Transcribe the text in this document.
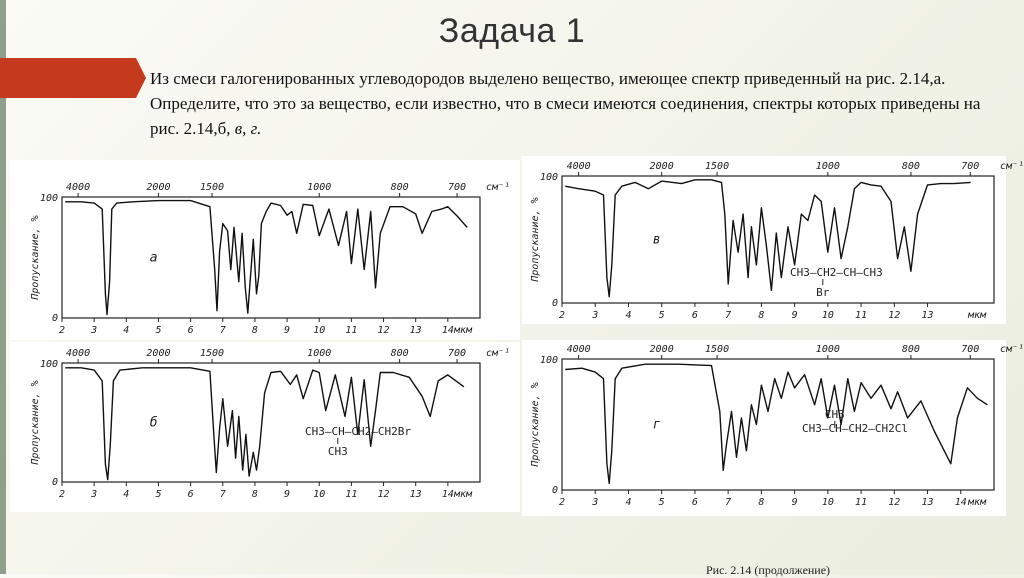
Задача 1
Из смеси галогенированных углеводородов выделено вещество, имеющее спектр приведенный на рис. 2.14,а. Определите, что это за вещество, если известно, что в смеси имеются соединения, спектры которых приведены на рис. 2.14,б, в, г.
4000	2000	1500	1000	800	700 см⁻¹
2	3	4	5	6	7	8	9 10 11 12 13 14 мкм
100
0
Пропускание, %	а
4000	2000	1500	1000	800	700 см⁻¹
2	3	4	5	6	7	8	9 10 11 12 13 14 мкм
100
0
Пропускание, %	б
CH3–CH–CH2–CH2Br
CH3
4000	2000	1500	1000	800	700 см⁻¹
2	3	4	5	6	7	8	9 10 11 12 13	мкм
100
0
Пропускание, %	в
CH3–CH2–CH–CH3
Br
4000	2000	1500	1000	800	700 см⁻¹
2	3	4	5	6	7	8	9 10 11 12 13 14 мкм
100
0
Пропускание, %	г	CH3–CH–CH2–CH2Cl
CH3
Рис. 2.14 (продолжение)
